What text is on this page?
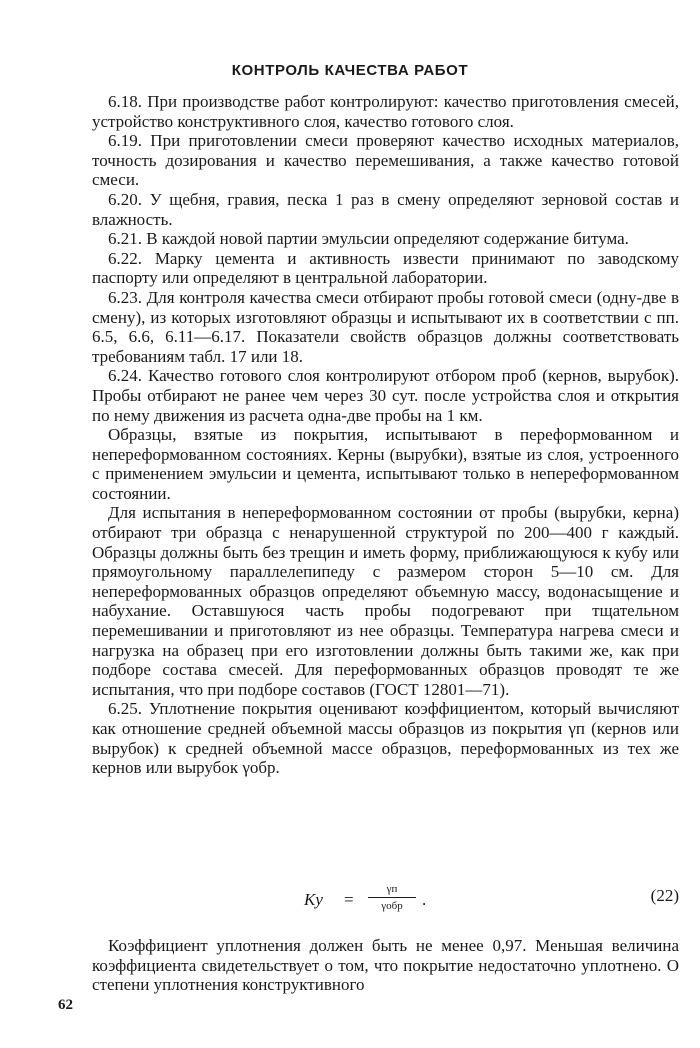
КОНТРОЛЬ КАЧЕСТВА РАБОТ

6.18. При производстве работ контролируют: качество приготовления смесей, устройство конструктивного слоя, качество готового слоя.

6.19. При приготовлении смеси проверяют качество исходных материалов, точность дозирования и качество перемешивания, а также качество готовой смеси.

6.20. У щебня, гравия, песка 1 раз в смену определяют зерновой состав и влажность.

6.21. В каждой новой партии эмульсии определяют содержание битума.

6.22. Марку цемента и активность извести принимают по заводскому паспорту или определяют в центральной лаборатории.

6.23. Для контроля качества смеси отбирают пробы готовой смеси (одну-две в смену), из которых изготовляют образцы и испытывают их в соответствии с пп. 6.5, 6.6, 6.11—6.17. Показатели свойств образцов должны соответствовать требованиям табл. 17 или 18.

6.24. Качество готового слоя контролируют отбором проб (кернов, вырубок). Пробы отбирают не ранее чем через 30 сут. после устройства слоя и открытия по нему движения из расчета одна-две пробы на 1 км.

Образцы, взятые из покрытия, испытывают в переформованном и непереформованном состояниях. Керны (вырубки), взятые из слоя, устроенного с применением эмульсии и цемента, испытывают только в непереформованном состоянии.

Для испытания в непереформованном состоянии от пробы (вырубки, керна) отбирают три образца с ненарушенной структурой по 200—400 г каждый. Образцы должны быть без трещин и иметь форму, приближающуюся к кубу или прямоугольному параллелепипеду с размером сторон 5—10 см. Для непереформованных образцов определяют объемную массу, водонасыщение и набухание. Оставшуюся часть пробы подогревают при тщательном перемешивании и приготовляют из нее образцы. Температура нагрева смеси и нагрузка на образец при его изготовлении должны быть такими же, как при подборе состава смесей. Для переформованных образцов проводят те же испытания, что при подборе составов (ГОСТ 12801—71).

6.25. Уплотнение покрытия оценивают коэффициентом, который вычисляют как отношение средней объемной массы образцов из покрытия γп (кернов или вырубок) к средней объемной массе образцов, переформованных из тех же кернов или вырубок γобр.

Kу =
γп
γобр	.	(22)

Коэффициент уплотнения должен быть не менее 0,97. Меньшая величина коэффициента свидетельствует о том, что покрытие недостаточно уплотнено. О степени уплотнения конструктивного

62
